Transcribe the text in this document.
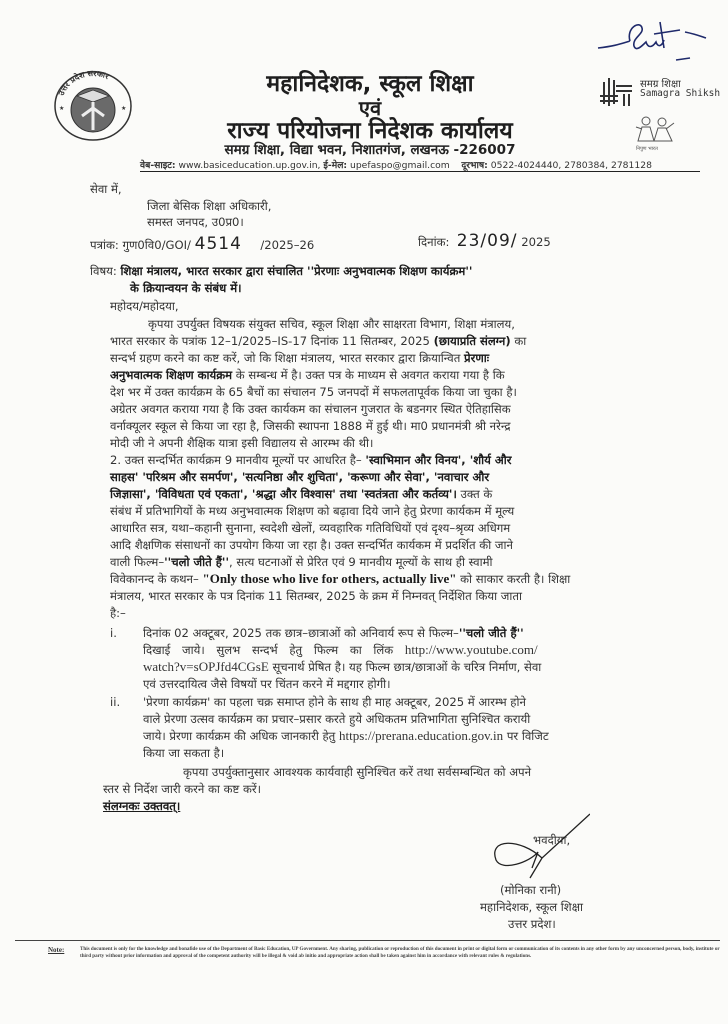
★	★
उत्तर प्रदेश सरकार	महानिदेशक, स्कूल शिक्षा
एवं
राज्य परियोजना निदेशक कार्यालय
समग्र शिक्षा, विद्या भवन, निशातगंज, लखनऊ -226007
वेब-साइट: www.basiceducation.up.gov.in, ई-मेल: upefaspo@gmail.com दूरभाष: 0522-4024440, 2780384, 2781128
समग्र शिक्षा
Samagra Shiksh
निपुण भारत
सेवा में,
जिला बेसिक शिक्षा अधिकारी,
समस्त जनपद, उ0प्र0।
पत्रांक: गुण0वि0/GOI/ 4514 /2025–26	दिनांक: 23/09/ 2025
विषय: शिक्षा मंत्रालय, भारत सरकार द्वारा संचालित ''प्रेरणाः अनुभवात्मक शिक्षण कार्यक्रम''
के क्रियान्वयन के संबंध में।
महोदय/महोदया,
कृपया उपर्युक्त विषयक संयुक्त सचिव, स्कूल शिक्षा और साक्षरता विभाग, शिक्षा मंत्रालय,
भारत सरकार के पत्रांक 12–1/2025–IS-17 दिनांक 11 सितम्बर, 2025 (छायाप्रति संलग्न) का
सन्दर्भ ग्रहण करने का कष्ट करें, जो कि शिक्षा मंत्रालय, भारत सरकार द्वारा क्रियान्वित प्रेरणाः
अनुभवात्मक शिक्षण कार्यक्रम के सम्बन्ध में है। उक्त पत्र के माध्यम से अवगत कराया गया है कि
देश भर में उक्त कार्यक्रम के 65 बैचों का संचालन 75 जनपदों में सफलतापूर्वक किया जा चुका है।
अग्रेतर अवगत कराया गया है कि उक्त कार्यकम का संचालन गुजरात के बडनगर स्थित ऐतिहासिक
वर्नाक्यूलर स्कूल से किया जा रहा है, जिसकी स्थापना 1888 में हुई थी। मा0 प्रधानमंत्री श्री नरेन्द्र
मोदी जी ने अपनी शैक्षिक यात्रा इसी विद्यालय से आरम्भ की थी।
2. उक्त सन्दर्भित कार्यक्रम 9 मानवीय मूल्यों पर आधरित है– 'स्वाभिमान और विनय', 'शौर्य और
साहस' 'परिश्रम और समर्पण', 'सत्यनिष्ठा और शुचिता', 'करूणा और सेवा', 'नवाचार और
जिज्ञासा', 'विविधता एवं एकता', 'श्रद्धा और विश्वास' तथा 'स्वतंत्रता और कर्तव्य'। उक्त के
संबंध में प्रतिभागियों के मध्य अनुभवात्मक शिक्षण को बढ़ावा दिये जाने हेतु प्रेरणा कार्यकम में मूल्य
आधारित सत्र, यथा–कहानी सुनाना, स्वदेशी खेलों, व्यवहारिक गतिविधियों एवं दृश्य–श्रृव्य अधिगम
आदि शैक्षणिक संसाधनों का उपयोग किया जा रहा है। उक्त सन्दर्भित कार्यकम में प्रदर्शित की जाने
वाली फिल्म–''चलो जीते हैं'', सत्य घटनाओं से प्रेरित एवं 9 मानवीय मूल्यों के साथ ही स्वामी
विवेकानन्द के कथन– "Only those who live for others, actually live" को साकार करती है। शिक्षा
मंत्रालय, भारत सरकार के पत्र दिनांक 11 सितम्बर, 2025 के क्रम में निम्नवत् निर्देशित किया जाता
है:–
i. दिनांक 02 अक्टूबर, 2025 तक छात्र–छात्राओं को अनिवार्य रूप से फिल्म–''चलो जीते हैं''
दिखाई जाये। सुलभ सन्दर्भ हेतु फिल्म का लिंक http://www.youtube.com/
watch?v=sOPJfd4CGsE सूचनार्थ प्रेषित है। यह फिल्म छात्र/छात्राओं के चरित्र निर्माण, सेवा
एवं उत्तरदायित्व जैसे विषयों पर चिंतन करने में मद्दगार होगी।
ii. 'प्रेरणा कार्यक्रम' का पहला चक्र समाप्त होने के साथ ही माह अक्टूबर, 2025 में आरम्भ होने
वाले प्रेरणा उत्सव कार्यक्रम का प्रचार–प्रसार करते हुये अधिकतम प्रतिभागिता सुनिश्चित करायी
जाये। प्रेरणा कार्यक्रम की अधिक जानकारी हेतु https://prerana.education.gov.in पर विजिट
किया जा सकता है।
कृपया उपर्युक्तानुसार आवश्यक कार्यवाही सुनिश्चित करें तथा सर्वसम्बन्धित को अपने
स्तर से निर्देश जारी करने का कष्ट करें।
संलग्नकः उक्तवत्।
भवदीया,
(मोनिका रानी)
महानिदेशक, स्कूल शिक्षा
उत्तर प्रदेश।
Note:	This document is only for the knowledge and bonafide use of the Department of Basic Education, UP Government. Any sharing, publication or reproduction of this document in print or digital form or communication of its contents in any other form by any unconcerned person, body, institute or third party without prior information and approval of the competent authority will be illegal & void ab initio and appropriate action shall be taken against him in accordance with relevant rules & regulations.
